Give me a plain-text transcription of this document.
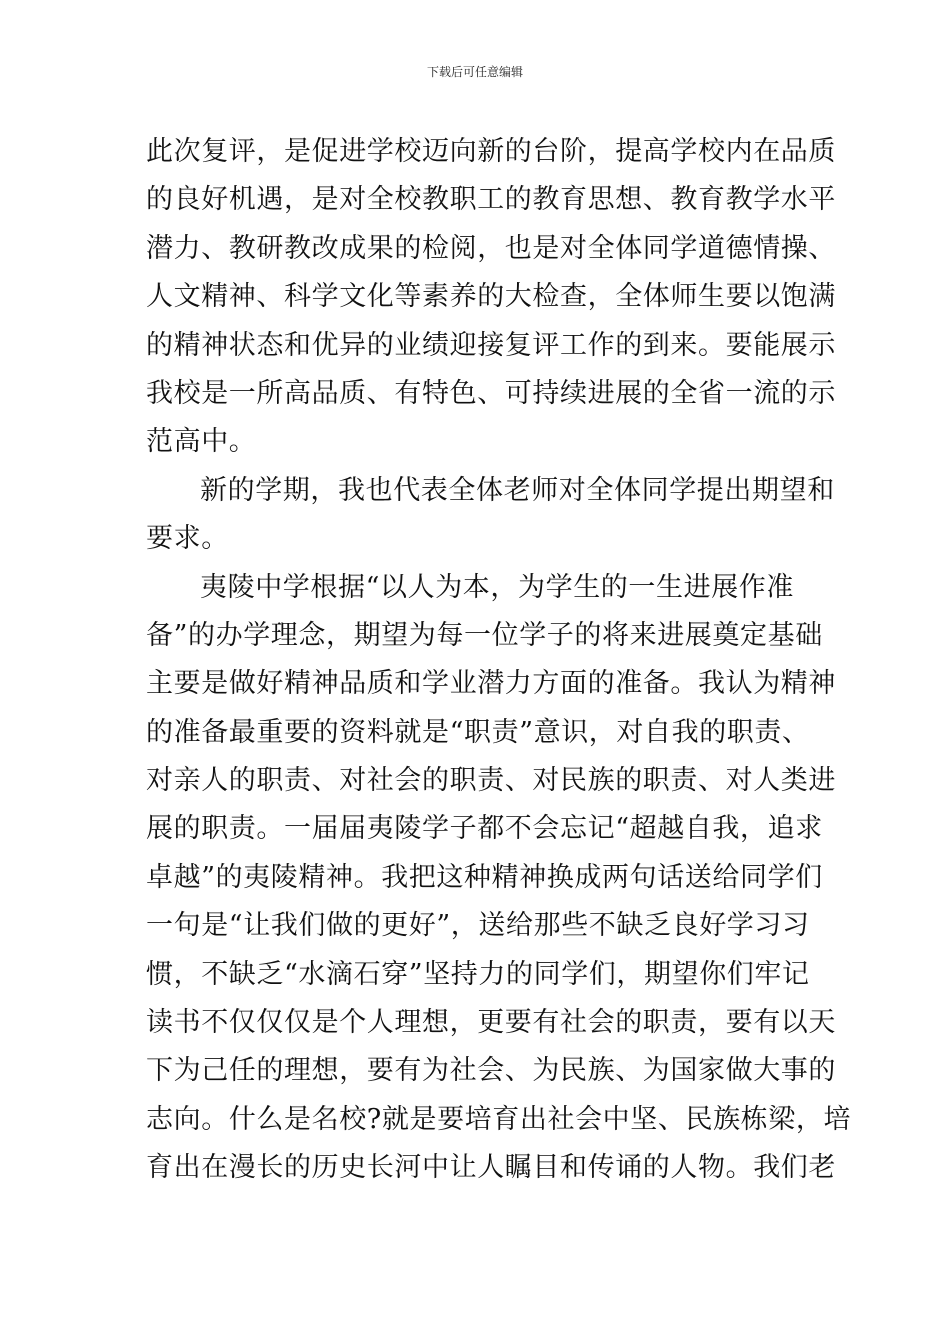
下载后可任意编辑
此次复评，是促进学校迈向新的台阶，提高学校内在品质
的良好机遇，是对全校教职工的教育思想、教育教学水平
潜力、教研教改成果的检阅，也是对全体同学道德情操、
人文精神、科学文化等素养的大检查，全体师生要以饱满
的精神状态和优异的业绩迎接复评工作的到来。要能展示
我校是一所高品质、有特色、可持续进展的全省一流的示
范高中。
新的学期，我也代表全体老师对全体同学提出期望和
要求。
夷陵中学根据“以人为本，为学生的一生进展作准
备”的办学理念，期望为每一位学子的将来进展奠定基础
主要是做好精神品质和学业潜力方面的准备。我认为精神
的准备最重要的资料就是“职责”意识，对自我的职责、
对亲人的职责、对社会的职责、对民族的职责、对人类进
展的职责。一届届夷陵学子都不会忘记“超越自我，追求
卓越”的夷陵精神。我把这种精神换成两句话送给同学们
一句是“让我们做的更好”，送给那些不缺乏良好学习习
惯，不缺乏“水滴石穿”坚持力的同学们，期望你们牢记
读书不仅仅仅是个人理想，更要有社会的职责，要有以天
下为己任的理想，要有为社会、为民族、为国家做大事的
志向。什么是名校?就是要培育出社会中坚、民族栋梁，培
育出在漫长的历史长河中让人瞩目和传诵的人物。我们老
